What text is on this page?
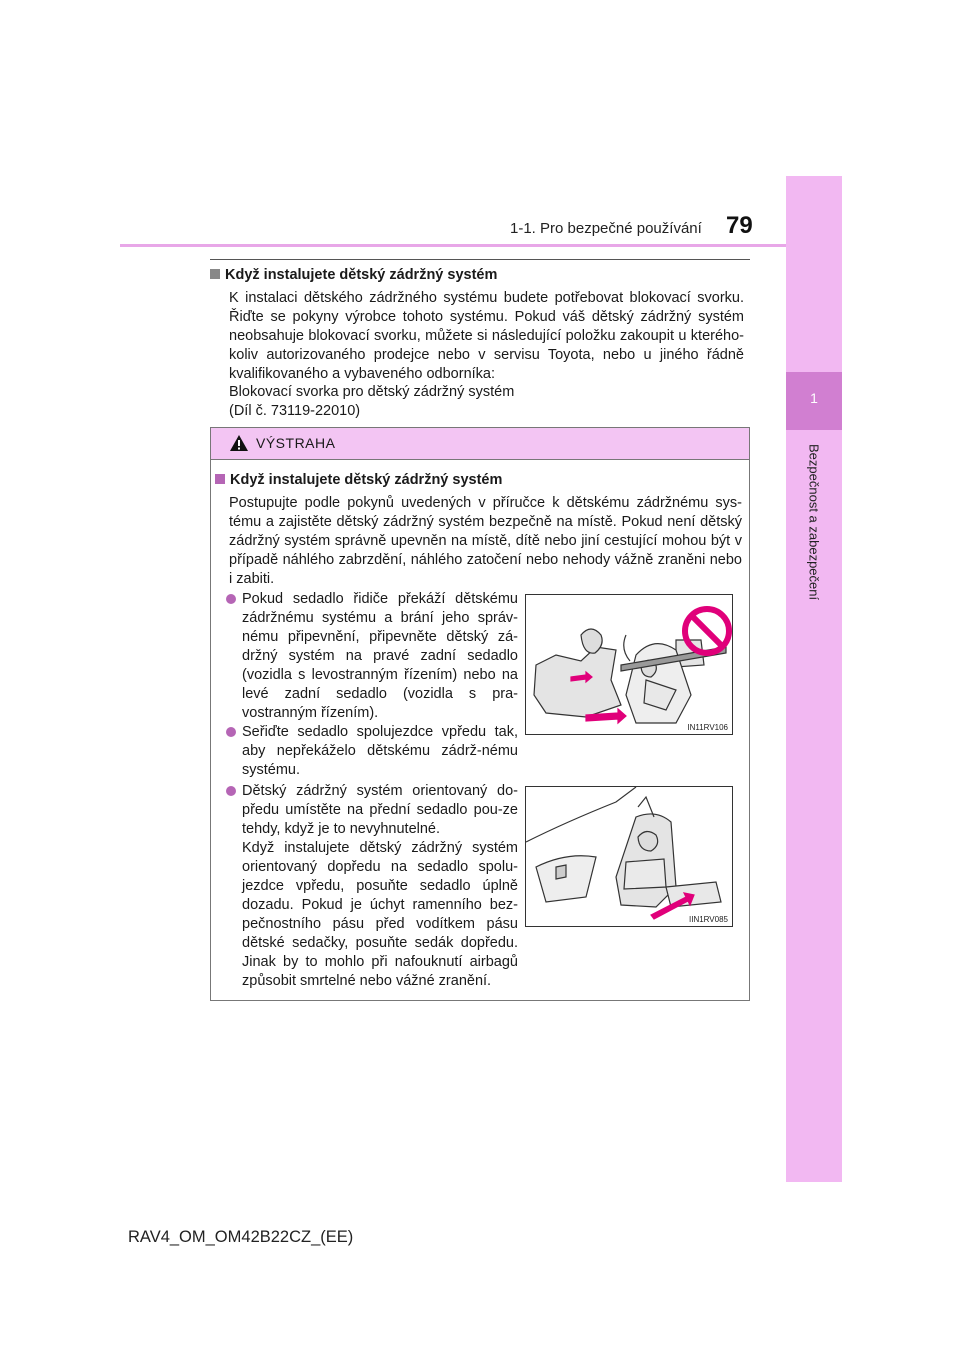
1
Bezpečnost a zabezpečení
1-1. Pro bezpečné používání 79
Když instalujete dětský zádržný systém
K instalaci dětského zádržného systému budete potřebovat blokovací svorku. Řiďte se pokyny výrobce tohoto systému. Pokud váš dětský zádržný systém neobsahuje blokovací svorku, můžete si následující položku zakoupit u kterého-koliv autorizovaného prodejce nebo v servisu Toyota, nebo u jiného řádně kvalifikovaného a vybaveného odborníka:
Blokovací svorka pro dětský zádržný systém
(Díl č. 73119-22010)
VÝSTRAHA
Když instalujete dětský zádržný systém
Postupujte podle pokynů uvedených v příručce k dětskému zádržnému sys-tému a zajistěte dětský zádržný systém bezpečně na místě. Pokud není dětský zádržný systém správně upevněn na místě, dítě nebo jiní cestující mohou být v případě náhlého zabrzdění, náhlého zatočení nebo nehody vážně zraněni nebo i zabiti.
Pokud sedadlo řidiče překáží dětskému zádržnému systému a brání jeho správ-nému připevnění, připevněte dětský zá-držný systém na pravé zadní sedadlo (vozidla s levostranným řízením) nebo na levé zadní sedadlo (vozidla s pra-vostranným řízením).
Seřiďte sedadlo spolujezdce vpředu tak, aby nepřekáželo dětskému zádrž-nému systému.
Dětský zádržný systém orientovaný do-předu umístěte na přední sedadlo pou-ze tehdy, když je to nevyhnutelné.
Když instalujete dětský zádržný systém orientovaný dopředu na sedadlo spolu-jezdce vpředu, posuňte sedadlo úplně dozadu. Pokud je úchyt ramenního bez-pečnostního pásu před vodítkem pásu dětské sedačky, posuňte sedák dopředu. Jinak by to mohlo při nafouknutí airbagů způsobit smrtelné nebo vážné zranění.
IN11RV106
IIN1RV085
RAV4_OM_OM42B22CZ_(EE)
